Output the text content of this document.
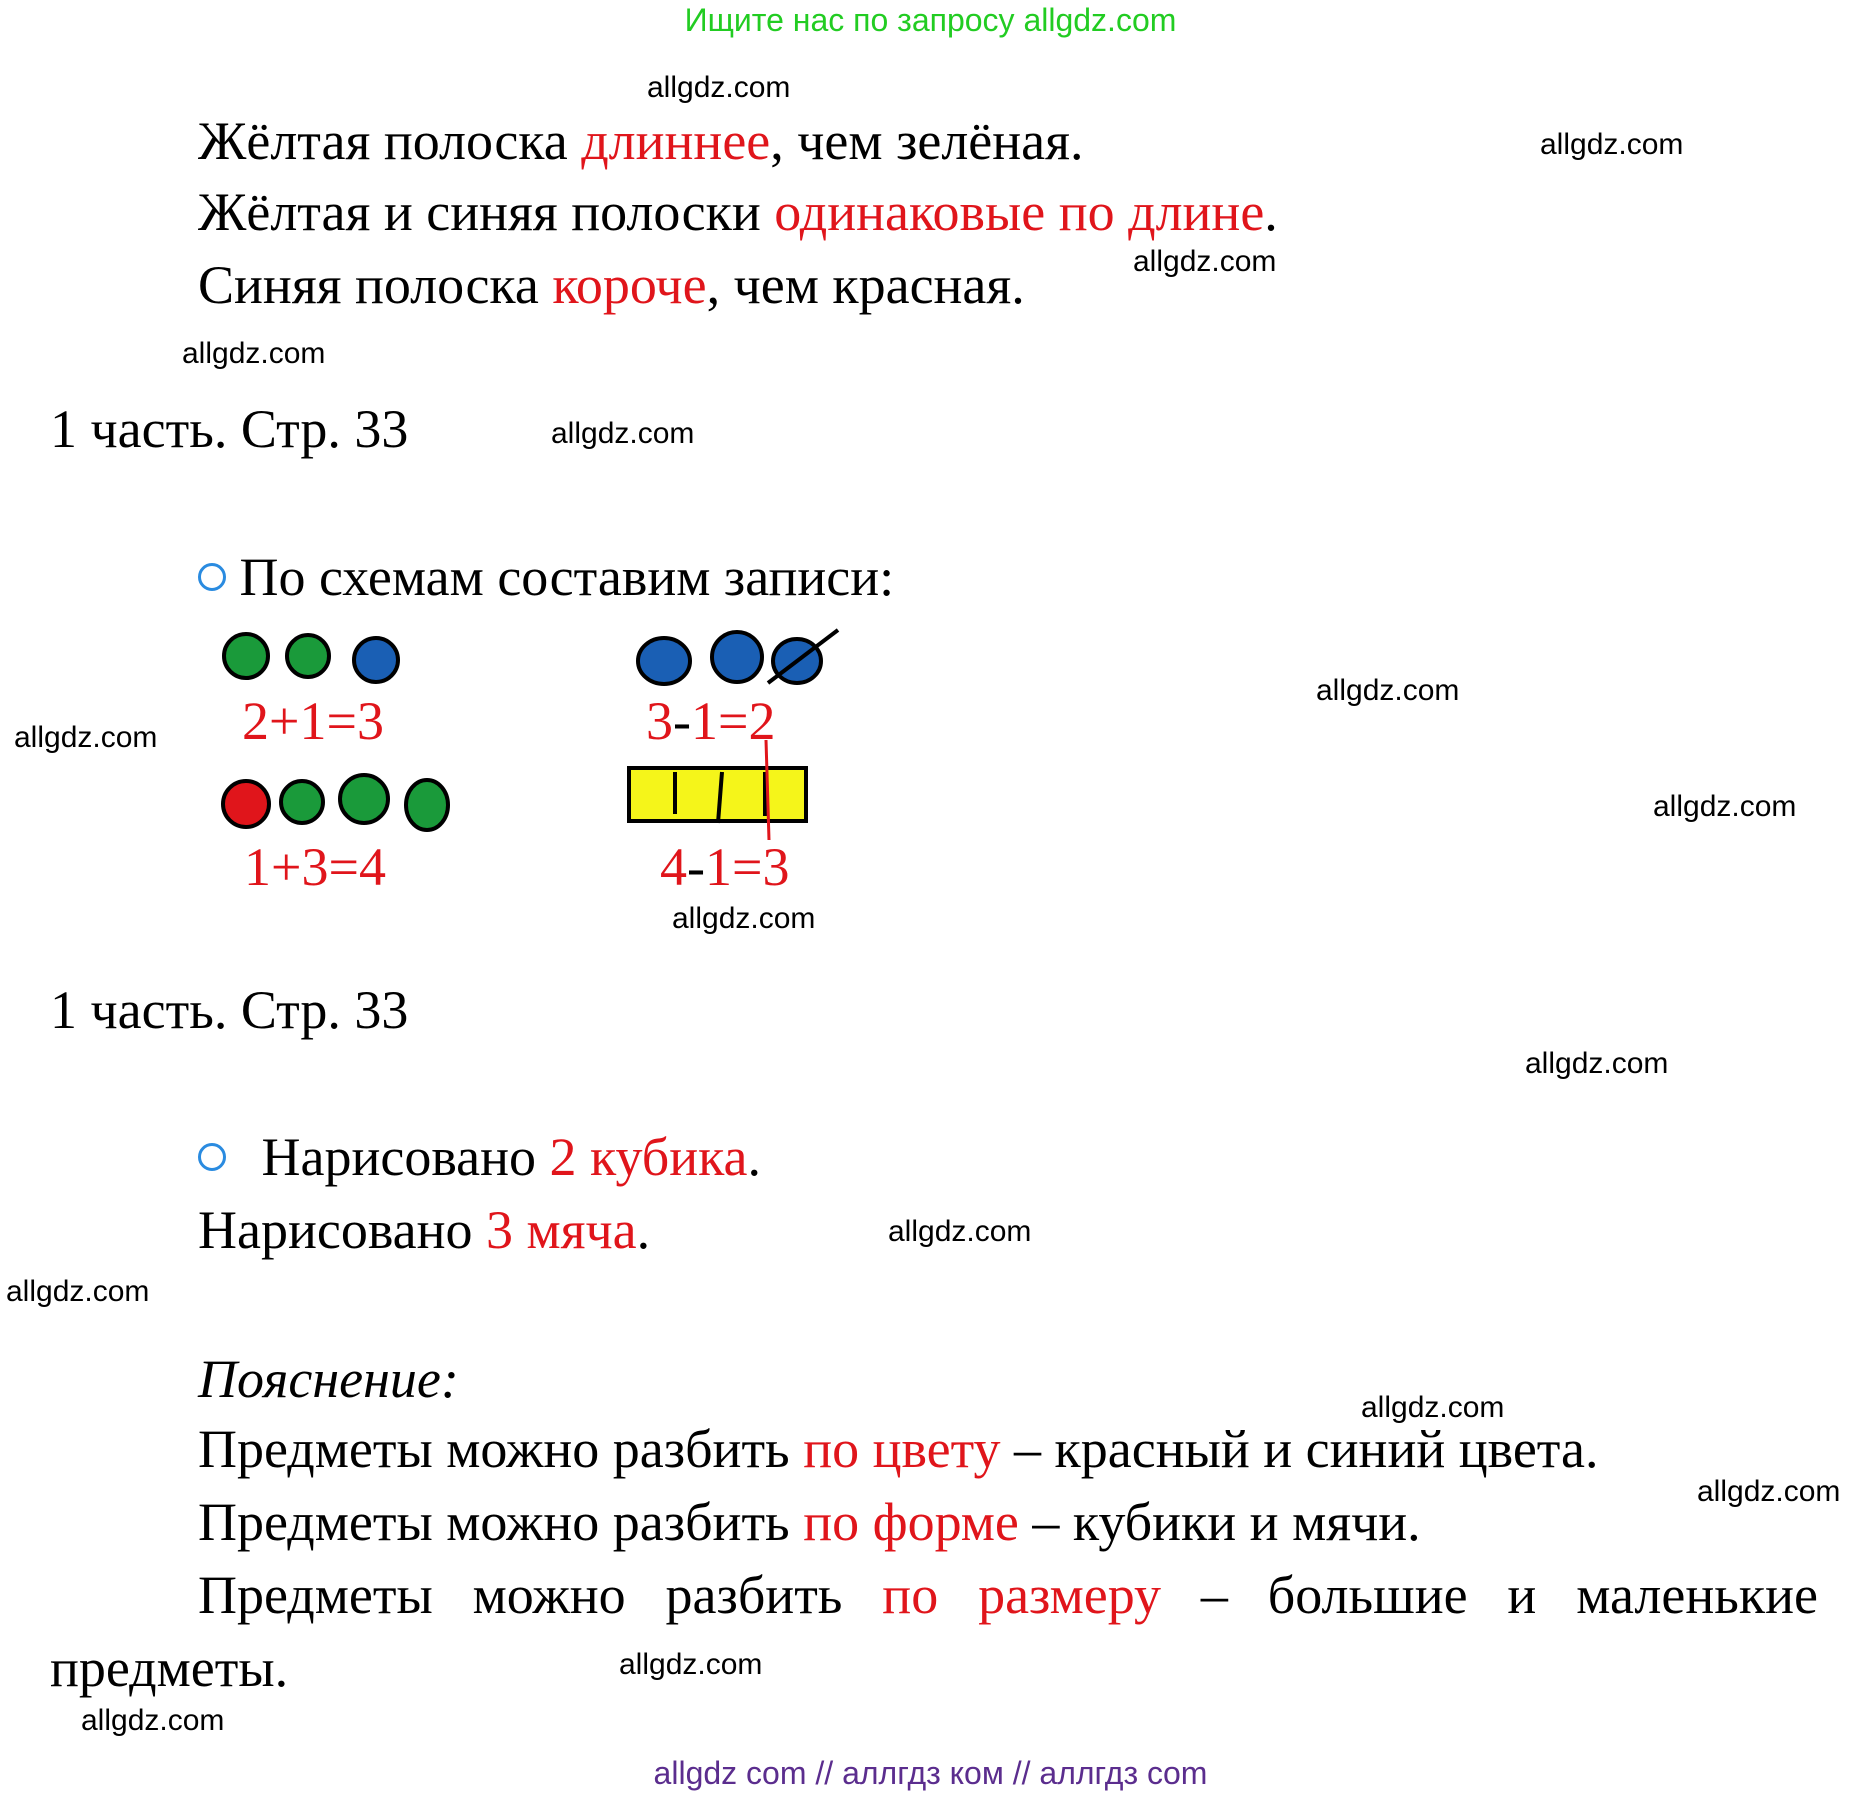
Ищите нас по запросу allgdz.com
Жёлтая полоска длиннее, чем зелёная.
Жёлтая и синяя полоски одинаковые по длине.
Синяя полоска короче, чем красная.
1 часть. Стр. 33
По схемам составим записи:
2+1=3	3-1=2
1+3=4	4-1=3
1 часть. Стр. 33
Нарисовано 2 кубика.
Нарисовано 3 мяча.
Пояснение:
Предметы можно разбить по цвету – красный и синий цвета.
Предметы можно разбить по форме – кубики и мячи.
Предметы можно разбить по размеру – большие и маленькие
предметы.
allgdz.com
allgdz.com
allgdz.com
allgdz.com
allgdz.com
allgdz.com
allgdz.com
allgdz.com
allgdz.com
allgdz.com
allgdz.com
allgdz.com
allgdz.com
allgdz.com
allgdz.com
allgdz.com
allgdz com // аллгдз ком // аллгдз com
